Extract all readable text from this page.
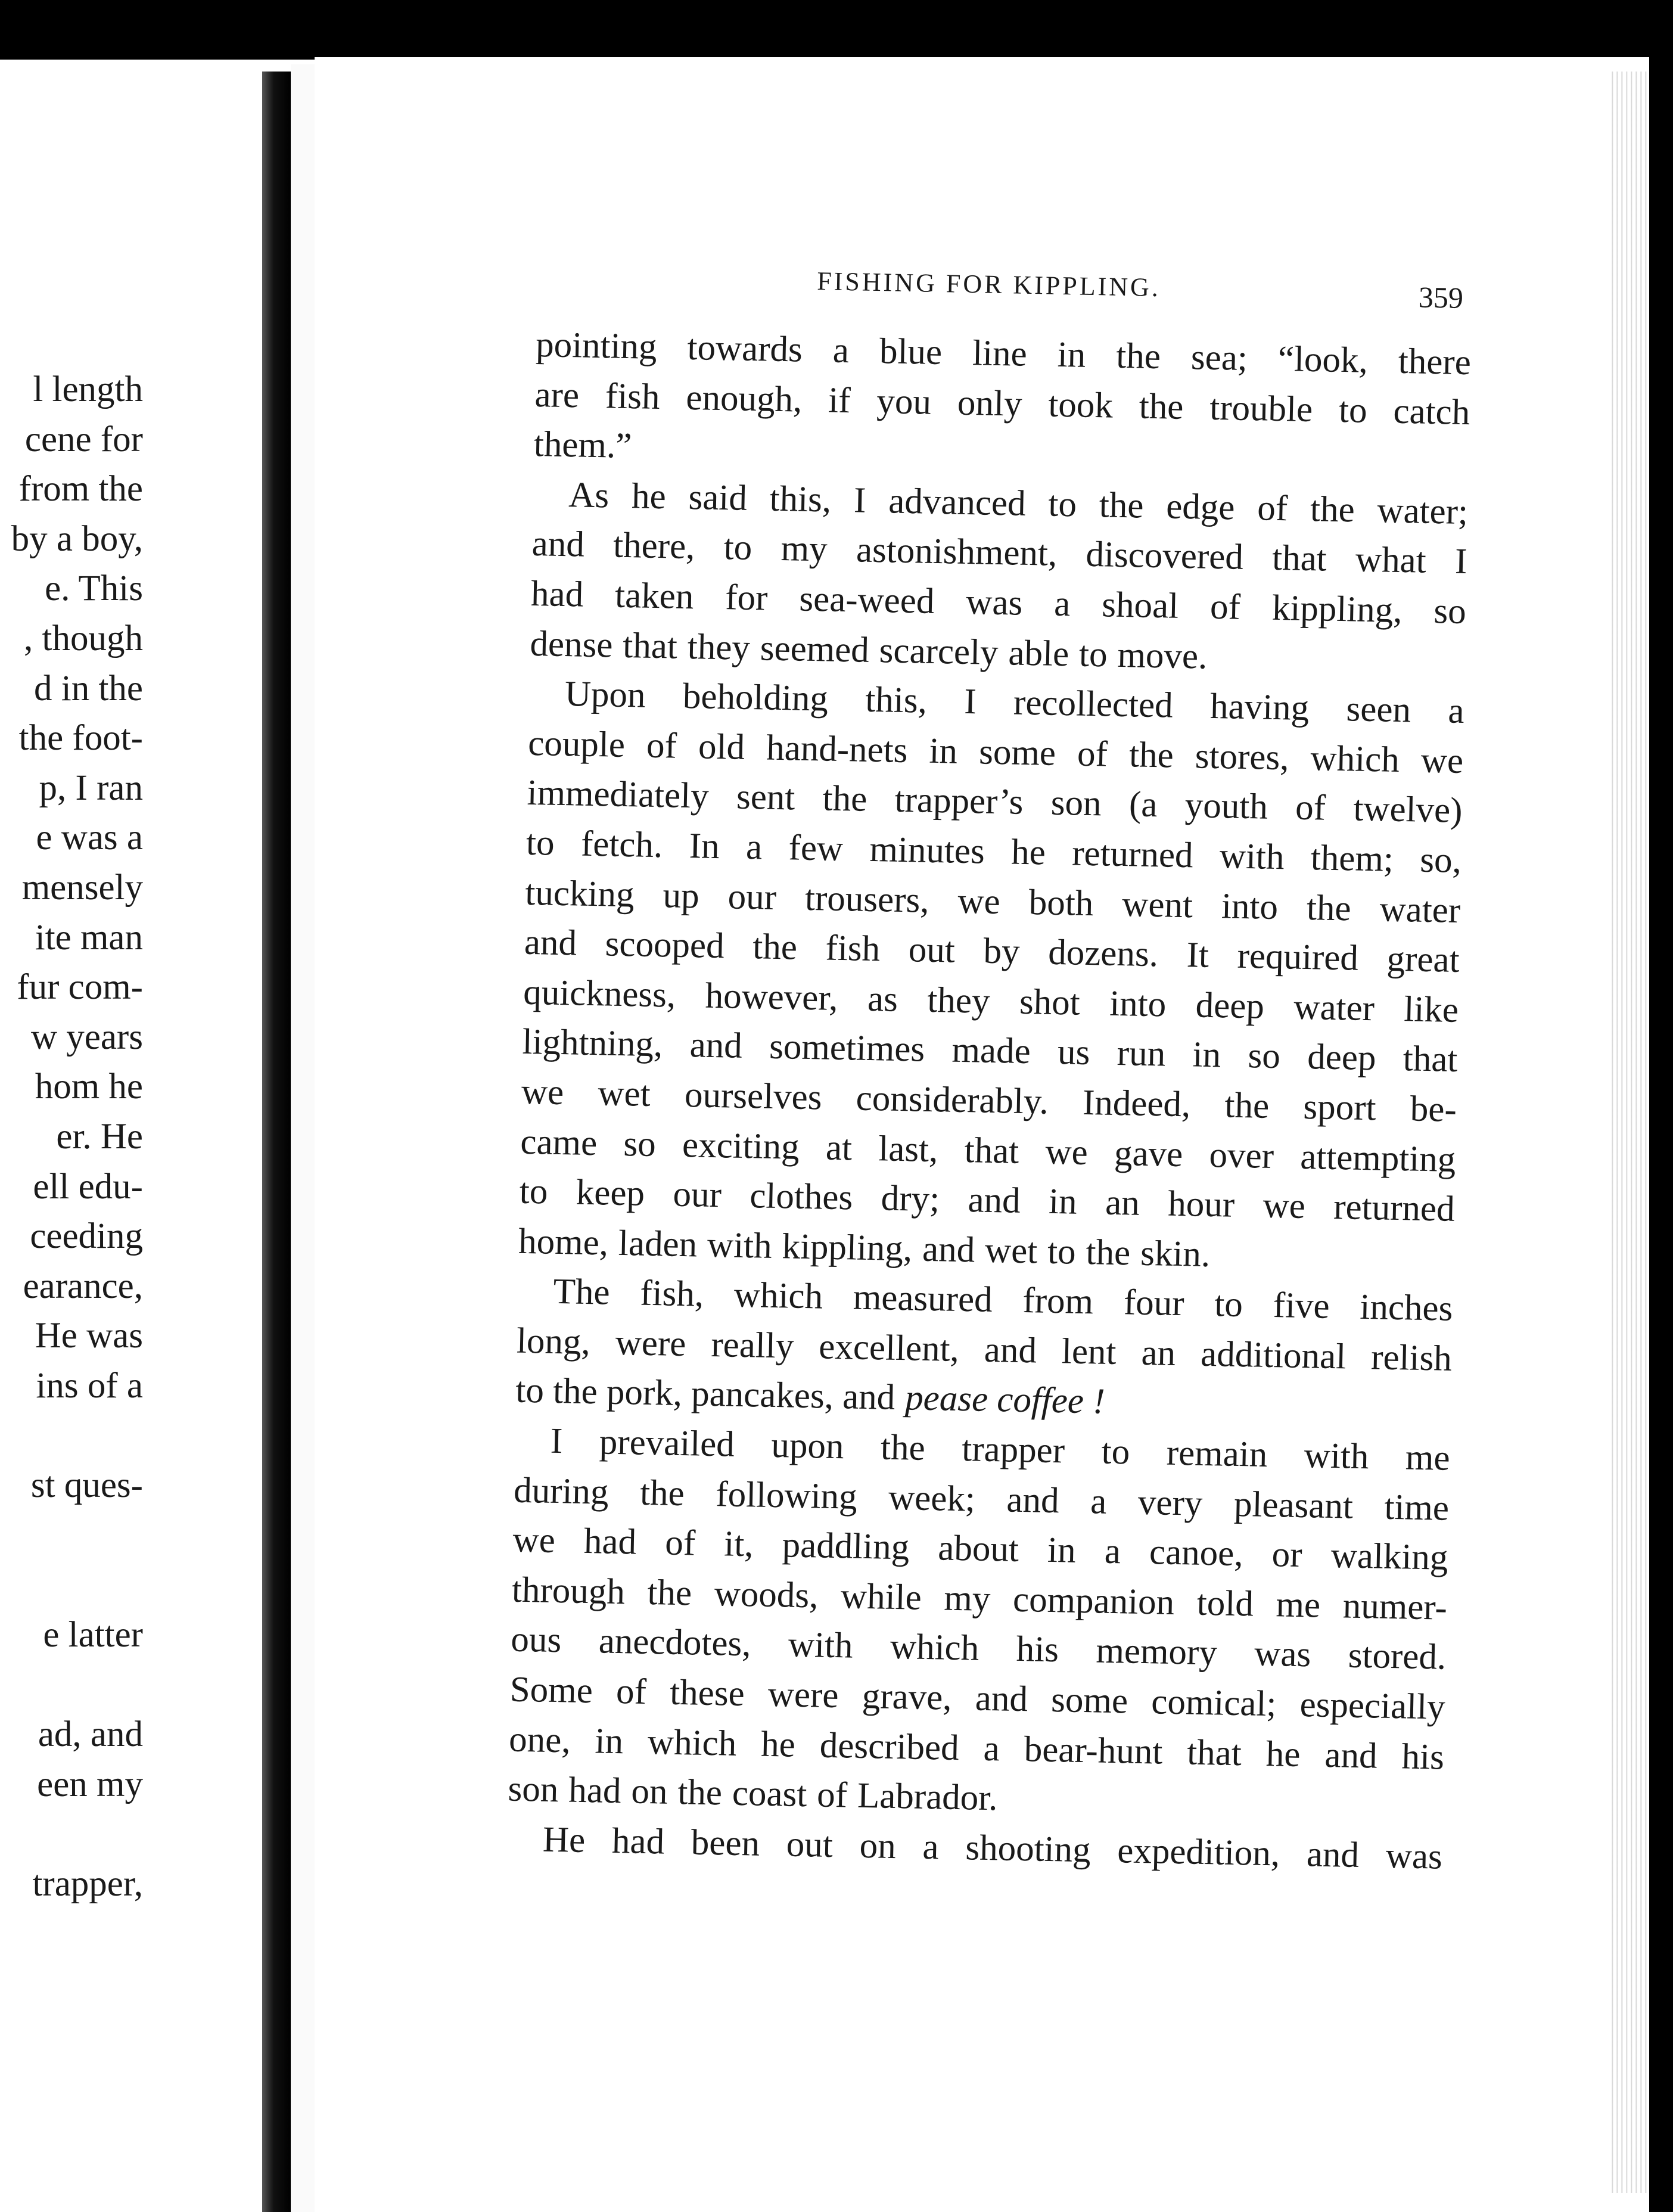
l length
cene for
from the
by a boy,
e. This
, though
d in the
the foot-
p, I ran
e was a
mensely
ite man
fur com-
w years
hom he
er. He
ell edu-
ceeding
earance,
He was
ins of a
st ques-
e latter
ad, and
een my
trapper,
FISHING FOR KIPPLING.	359
pointing towards a blue line in the sea; “look, there
are fish enough, if you only took the trouble to catch
them.”
As he said this, I advanced to the edge of the water;
and there, to my astonishment, discovered that what I
had taken for sea-weed was a shoal of kippling, so
dense that they seemed scarcely able to move.
Upon beholding this, I recollected having seen a
couple of old hand-nets in some of the stores, which we
immediately sent the trapper’s son (a youth of twelve)
to fetch. In a few minutes he returned with them; so,
tucking up our trousers, we both went into the water
and scooped the fish out by dozens. It required great
quickness, however, as they shot into deep water like
lightning, and sometimes made us run in so deep that
we wet ourselves considerably. Indeed, the sport be-
came so exciting at last, that we gave over attempting
to keep our clothes dry; and in an hour we returned
home, laden with kippling, and wet to the skin.
The fish, which measured from four to five inches
long, were really excellent, and lent an additional relish
to the pork, pancakes, and pease coffee !
I prevailed upon the trapper to remain with me
during the following week; and a very pleasant time
we had of it, paddling about in a canoe, or walking
through the woods, while my companion told me numer-
ous anecdotes, with which his memory was stored.
Some of these were grave, and some comical; especially
one, in which he described a bear-hunt that he and his
son had on the coast of Labrador.
He had been out on a shooting expedition, and was
